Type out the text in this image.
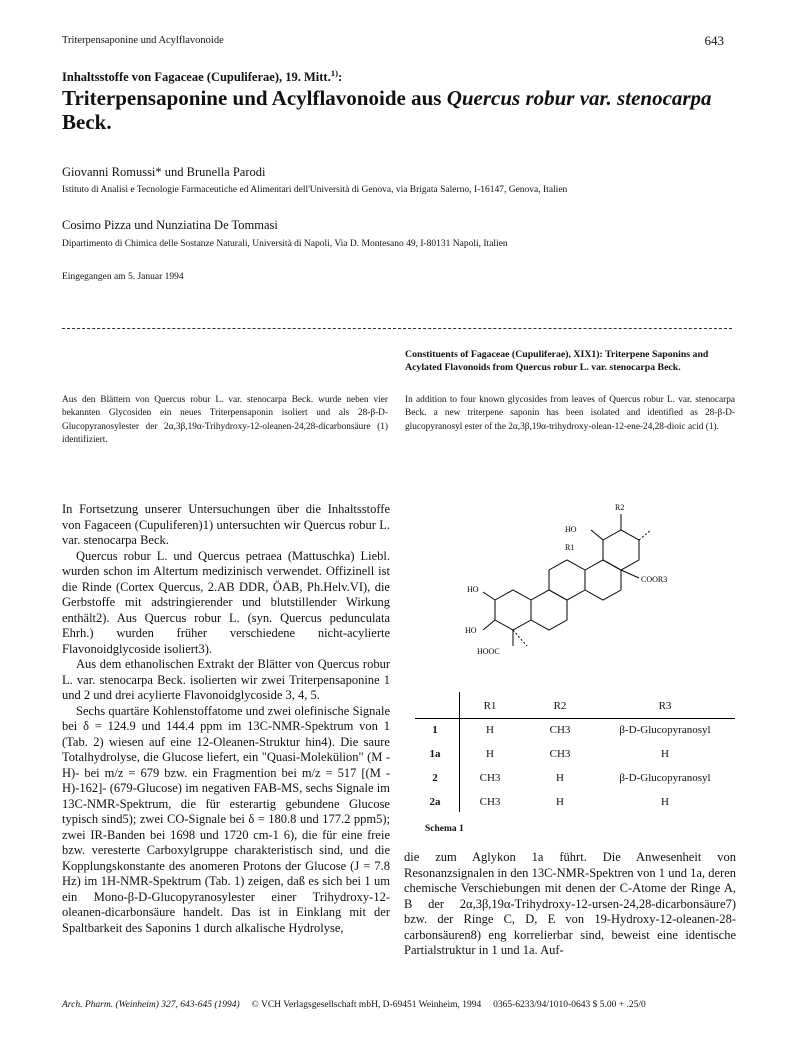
Triterpensaponine und Acylflavonoide	643
Inhaltsstoffe von Fagaceae (Cupuliferae), 19. Mitt.$^{1)}$:
Triterpensaponine und Acylflavonoide aus Quercus robur var. stenocarpa
Beck.
Giovanni Romussi* und Brunella Parodi
Istituto di Analisi e Tecnologie Farmaceutiche ed Alimentari dell'Università di Genova, via Brigata Salerno, I-16147, Genova, Italien
Cosimo Pizza und Nunziatina De Tommasi
Dipartimento di Chimica delle Sostanze Naturali, Università di Napoli, Via D. Montesano 49, I-80131 Napoli, Italien
Eingegangen am 5. Januar 1994
Constituents of Fagaceae (Cupuliferae), XIX1): Triterpene Saponins and Acylated Flavonoids from Quercus robur L. var. stenocarpa Beck.
Aus den Blättern von Quercus robur L. var. stenocarpa Beck. wurde neben vier bekannten Glycosiden ein neues Triterpensaponin isoliert und als 28-β-D-Glucopyranosylester der 2α,3β,19α-Trihydroxy-12-oleanen-24,28-dicarbonsäure (1) identifiziert.
In addition to four known glycosides from leaves of Quercus robur L. var. stenocarpa Beck. a new triterpene saponin has been isolated and identified as 28-β-D-glucopyranosyl ester of the 2α,3β,19α-trihydroxy-olean-12-ene-24,28-dioic acid (1).

In Fortsetzung unserer Untersuchungen über die Inhaltsstoffe von Fagaceen (Cupuliferen)1) untersuchten wir Quercus robur L. var. stenocarpa Beck.

Quercus robur L. und Quercus petraea (Mattuschka) Liebl. wurden schon im Altertum medizinisch verwendet. Offizinell ist die Rinde (Cortex Quercus, 2.AB DDR, ÖAB, Ph.Helv.VI), die Gerbstoffe mit adstringierender und blutstillender Wirkung enthält2). Aus Quercus robur L. (syn. Quercus pedunculata Ehrh.) wurden früher verschiedene nicht-acylierte Flavonoidglycoside isoliert3).

Aus dem ethanolischen Extrakt der Blätter von Quercus robur L. var. stenocarpa Beck. isolierten wir zwei Triterpensaponine 1 und 2 und drei acylierte Flavonoidglycoside 3, 4, 5.

Sechs quartäre Kohlenstoffatome und zwei olefinische Signale bei δ = 124.9 und 144.4 ppm im 13C-NMR-Spektrum von 1 (Tab. 2) wiesen auf eine 12-Oleanen-Struktur hin4). Die saure Totalhydrolyse, die Glucose liefert, ein "Quasi-Molekülion" (M - H)- bei m/z = 679 bzw. ein Fragmention bei m/z = 517 [(M - H)-162]- (679-Glucose) im negativen FAB-MS, sechs Signale im 13C-NMR-Spektrum, die für esterartig gebundene Glucose typisch sind5); zwei CO-Signale bei δ = 180.8 und 177.2 ppm5); zwei IR-Banden bei 1698 und 1720 cm-1 6), die für eine freie bzw. veresterte Carboxylgruppe charakteristisch sind, und die Kopplungskonstante des anomeren Protons der Glucose (J = 7.8 Hz) im 1H-NMR-Spektrum (Tab. 1) zeigen, daß es sich bei 1 um ein Mono-β-D-Glucopyranosylester einer Trihydroxy-12-oleanen-dicarbonsäure handelt. Das ist in Einklang mit der Spaltbarkeit des Saponins 1 durch alkalische Hydrolyse,

die zum Aglykon 1a führt. Die Anwesenheit von Resonanzsignalen in den 13C-NMR-Spektren von 1 und 1a, deren chemische Verschiebungen mit denen der C-Atome der Ringe A, B der 2α,3β,19α-Trihydroxy-12-ursen-24,28-dicarbonsäure7) bzw. der Ringe C, D, E von 19-Hydroxy-12-oleanen-28-carbonsäuren8) eng korrelierbar sind, beweist eine identische Partialstruktur in 1 und 1a. Auf-
R2
HO
R1
COOR3
HO
HO
HOOC
R1	R2	R3
1	H	CH3	β-D-Glucopyranosyl
1a	H	CH3	H
2	CH3	H	β-D-Glucopyranosyl
2a	CH3	H	H
Schema 1
Arch. Pharm. (Weinheim) 327, 643-645 (1994) © VCH Verlagsgesellschaft mbH, D-69451 Weinheim, 1994 0365-6233/94/1010-0643 $ 5.00 + .25/0
